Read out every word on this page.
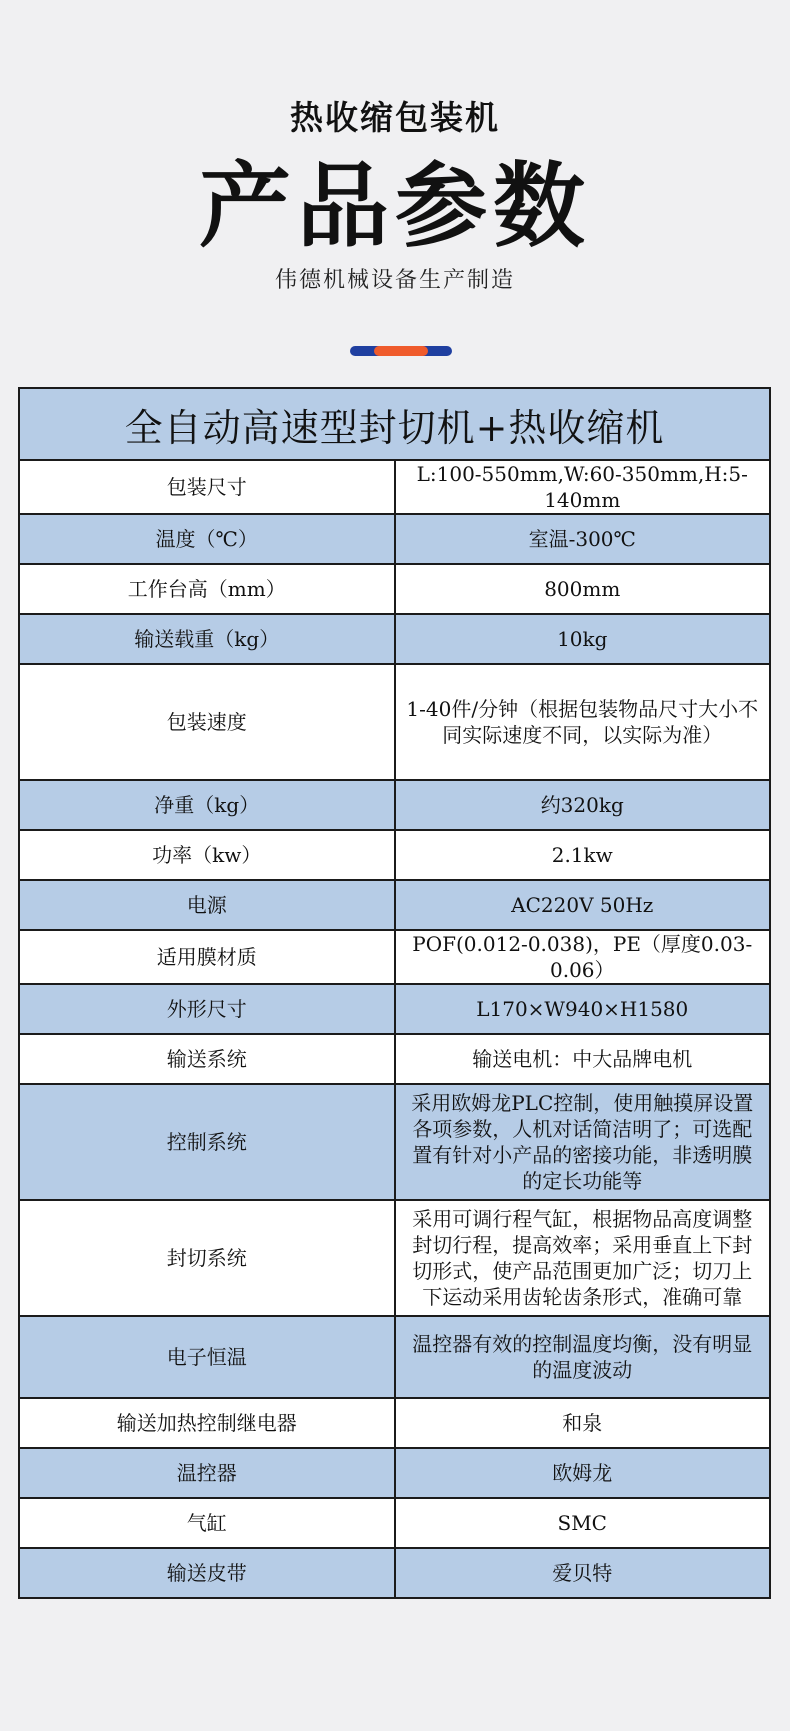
热收缩包装机
产品参数
伟德机械设备生产制造
全自动高速型封切机+热收缩机	
包装尺寸	L:100-550mm,W:60-350mm,H:5-140mm
温度（℃）	室温-300℃
工作台高（mm）	800mm
输送载重（kg）	10kg
包装速度	1-40件/分钟（根据包装物品尺寸大小不同实际速度不同，以实际为准）
净重（kg）	约320kg
功率（kw）	2.1kw
电源	AC220V 50Hz
适用膜材质	POF(0.012-0.038)，PE（厚度0.03-0.06）
外形尺寸	L170×W940×H1580
输送系统	输送电机：中大品牌电机
控制系统	采用欧姆龙PLC控制，使用触摸屏设置各项参数，人机对话简洁明了；可选配置有针对小产品的密接功能，非透明膜的定长功能等
封切系统	采用可调行程气缸，根据物品高度调整封切行程，提高效率；采用垂直上下封切形式，使产品范围更加广泛；切刀上下运动采用齿轮齿条形式，准确可靠
电子恒温	温控器有效的控制温度均衡，没有明显的温度波动
输送加热控制继电器	和泉
温控器	欧姆龙
气缸	SMC
输送皮带	爱贝特
